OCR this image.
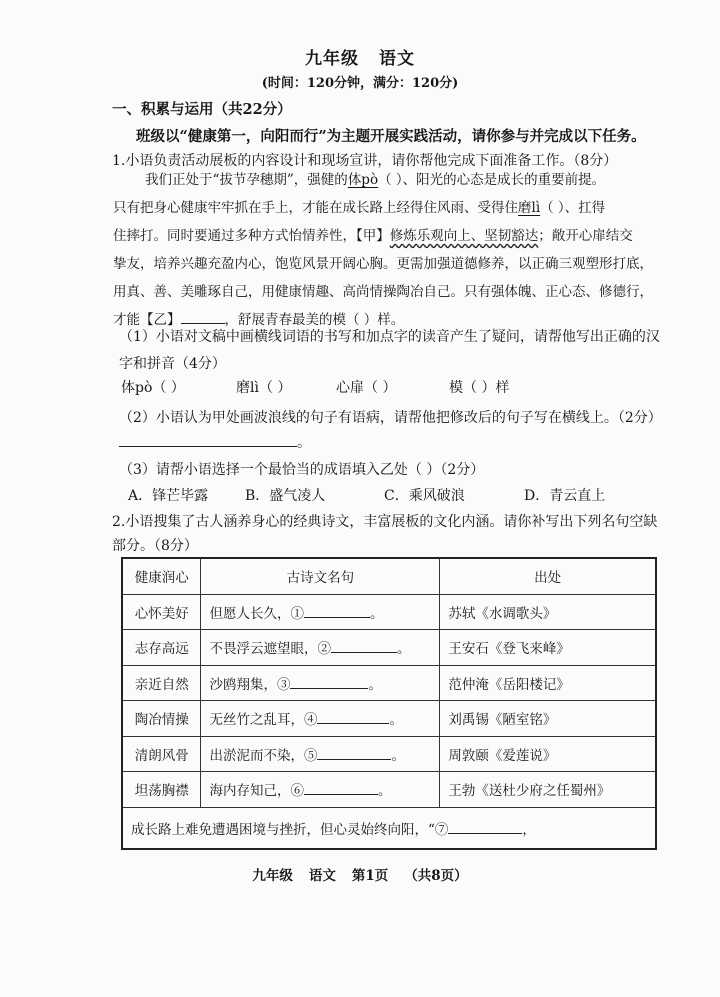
九年级 语文
(时间：120分钟，满分：120分)
一、积累与运用（共22分）
班级以“健康第一，向阳而行”为主题开展实践活动，请你参与并完成以下任务。
1.小语负责活动展板的内容设计和现场宣讲，请你帮他完成下面准备工作。（8分）
我们正处于“拔节孕穗期”，强健的体pò（ ）、阳光的心态是成长的重要前提。
只有把身心健康牢牢抓在手上，才能在成长路上经得住风雨、受得住磨lì（ ）、扛得
住摔打。同时要通过多种方式怡情养性，【甲】修炼乐观向上、坚韧豁达；敞开心扉结交
挚友，培养兴趣充盈内心，饱览风景开阔心胸。更需加强道德修养，以正确三观塑形打底，
用真、善、美雕琢自己，用健康情趣、高尚情操陶冶自己。只有强体魄、正心态、修德行，
才能【乙】	，舒展青春最美的模（ ）样。
（1）小语对文稿中画横线词语的书写和加点字的读音产生了疑问，请帮他写出正确的汉
字和拼音（4分）
体pò（ ）	磨lì（ ）	心扉（ ）	模（ ）样
（2）小语认为甲处画波浪线的句子有语病，请帮他把修改后的句子写在横线上。（2分）
。
（3）请帮小语选择一个最恰当的成语填入乙处（ ）（2分）
A．锋芒毕露	B．盛气凌人	C．乘风破浪	D．青云直上
2.小语搜集了古人涵养身心的经典诗文，丰富展板的文化内涵。请你补写出下列名句空缺
部分。（8分）
健康润心	古诗文名句	出处
心怀美好	但愿人长久，① 。	苏轼《水调歌头》
志存高远	不畏浮云遮望眼，② 。	王安石《登飞来峰》
亲近自然	沙鸥翔集，③ 。	范仲淹《岳阳楼记》
陶冶情操	无丝竹之乱耳，④ 。	刘禹锡《陋室铭》
清朗风骨	出淤泥而不染，⑤ 。	周敦颐《爱莲说》
坦荡胸襟	海内存知己，⑥ 。	王勃《送杜少府之任蜀州》
成长路上难免遭遇困境与挫折，但心灵始终向阳，“⑦ ，		
九年级 语文 第1页 （共8页）
